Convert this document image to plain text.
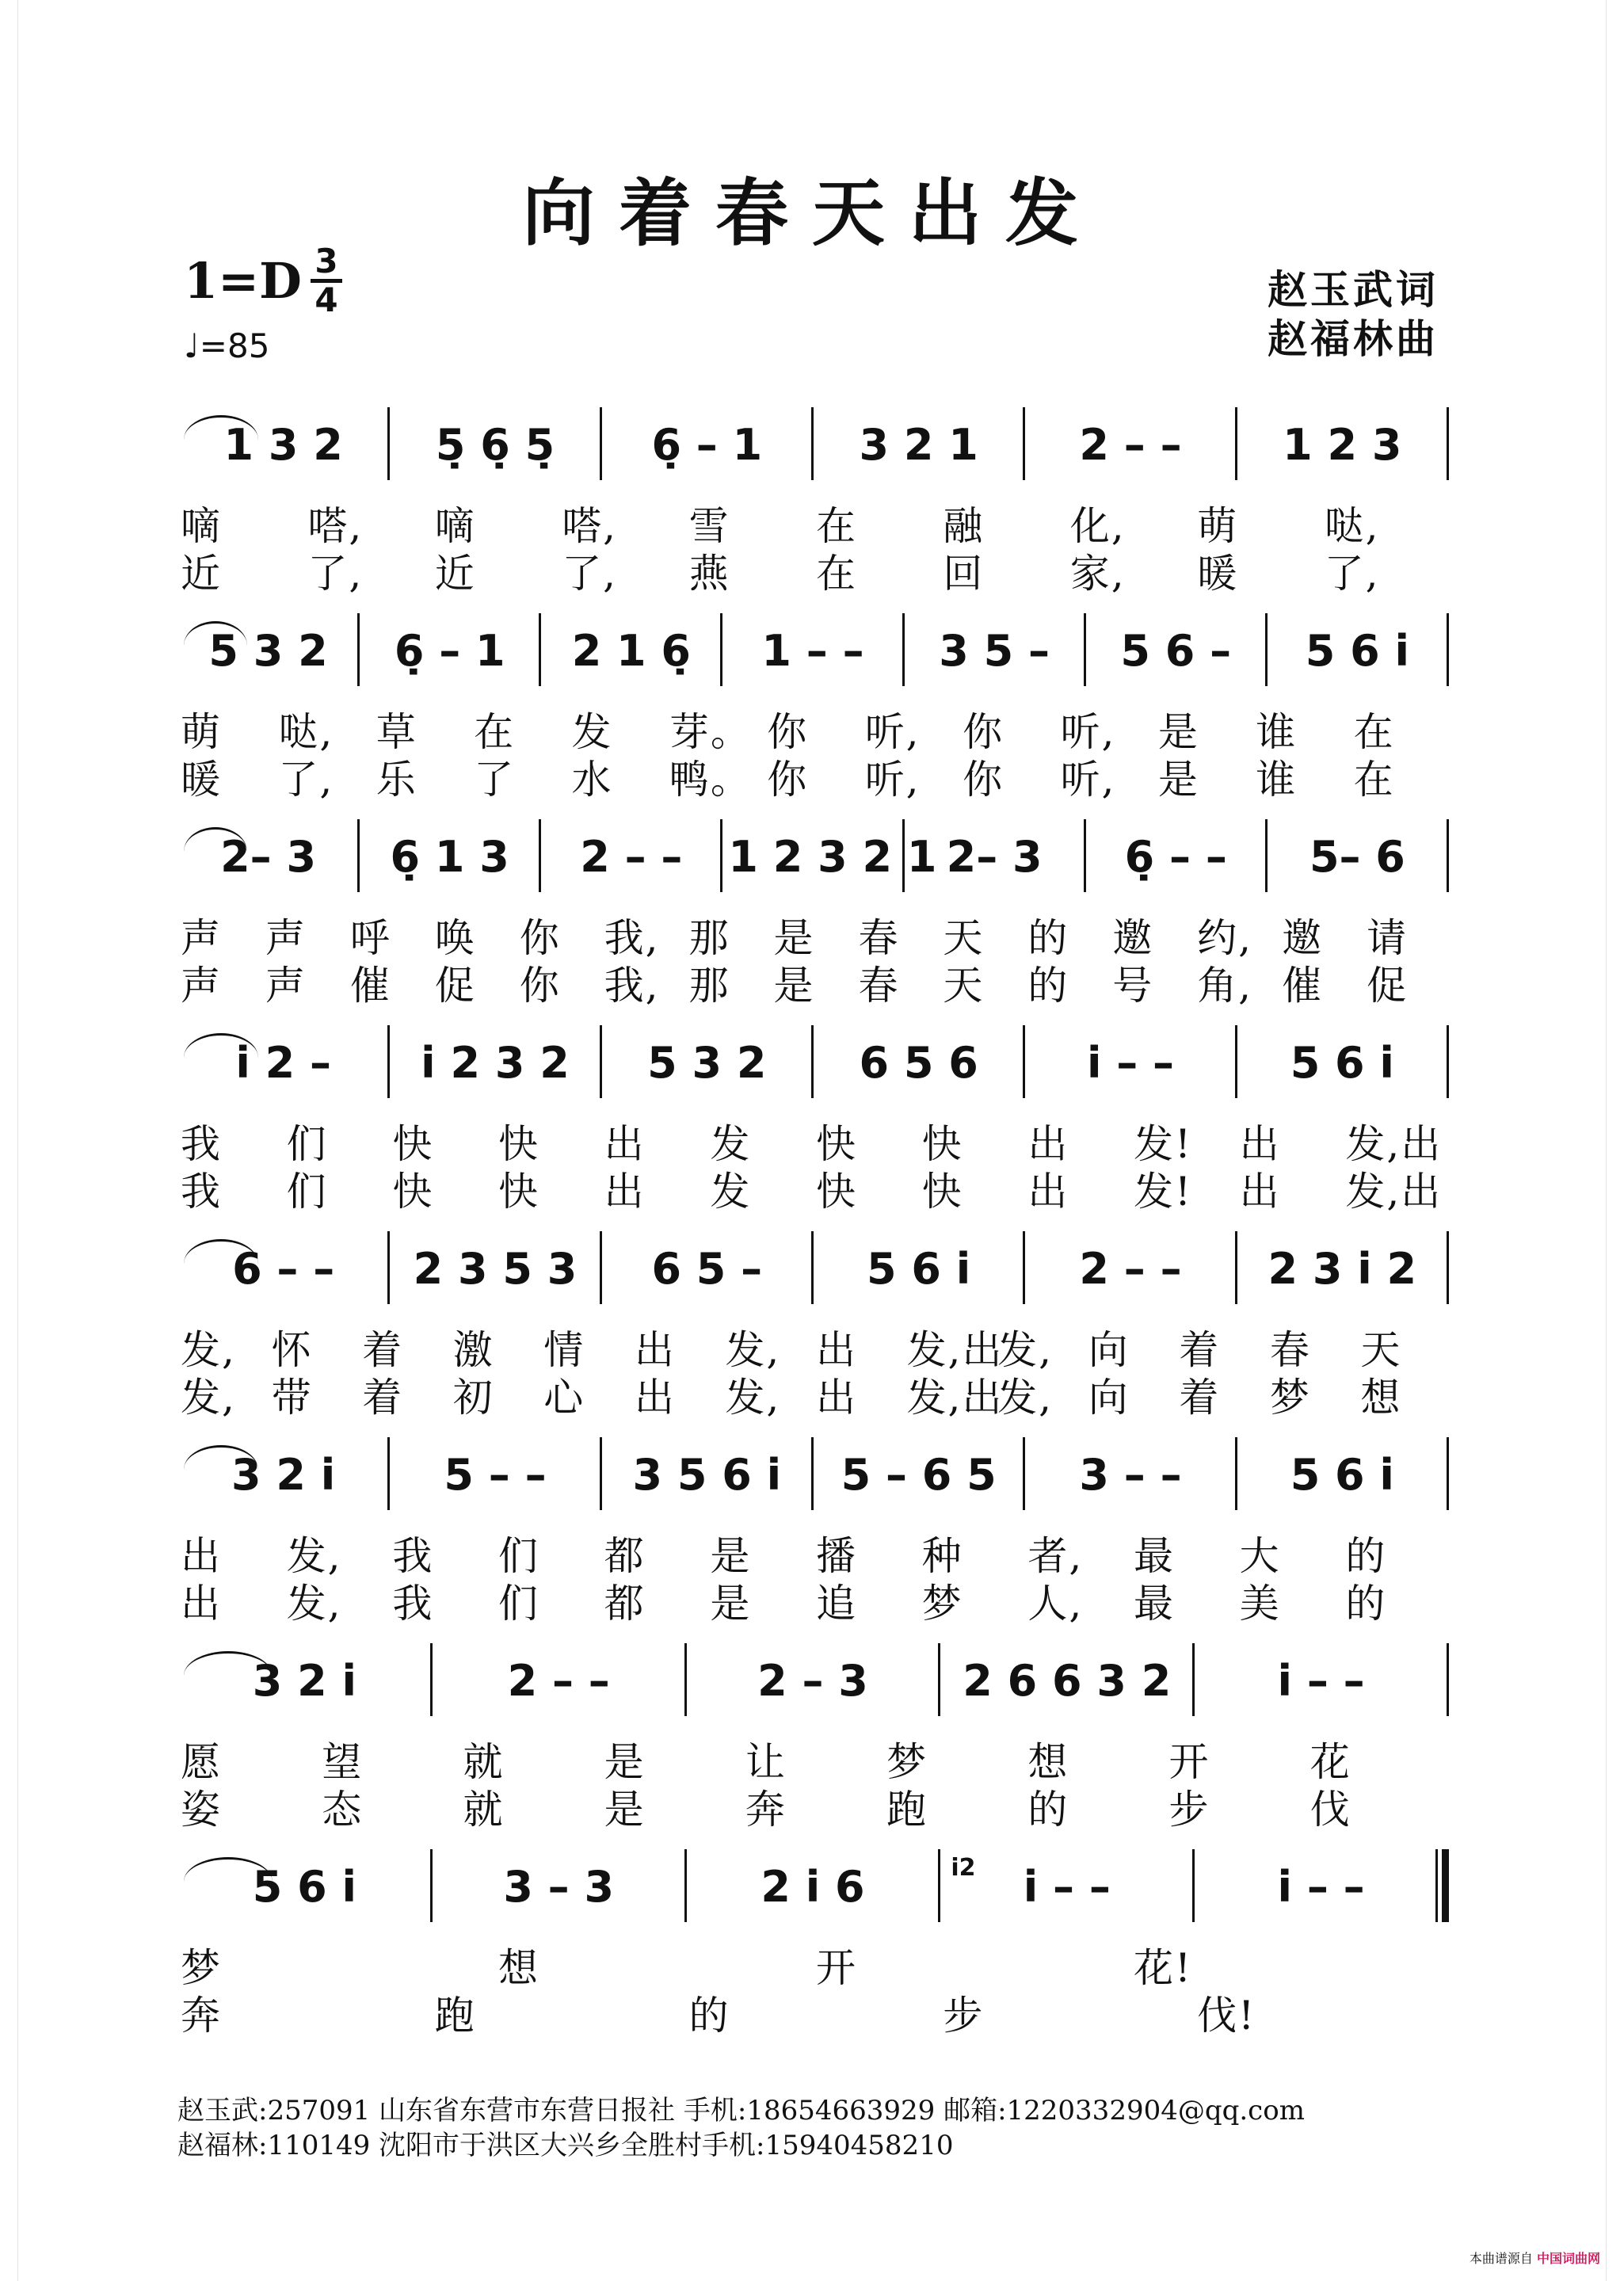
向着春天出发
1=D 3
4
♩=85
赵玉武词
赵福林曲
1 3 2	5̣ 6̣ 5̣	6̣ – 1	3 2 1	2 – –	1 2 3
嘀 嗒, 嘀 嗒, 雪 在 融 化, 萌 哒,
近 了, 近 了, 燕 在 回 家, 暖 了,
5 3 2	6̣ – 1	2 1 6̣	1 – –	3 5 –	5 6 –	5 6 i
萌 哒, 草 在 发 芽。 你 听, 你 听, 是 谁 在
暖 了, 乐 了 水 鸭。 你 听, 你 听, 是 谁 在
2– 3	6̣ 1 3	2 – –	1 2 3 2 1 2– 3	6̣ – –	5– 6
声 声 呼 唤 你 我, 那 是 春 天 的 邀 约, 邀 请
声 声 催 促 你 我, 那 是 春 天 的 号 角, 催 促
i 2 –	i 2 3 2	5 3 2	6 5 6	i – –	5 6 i
我 们 快 快 出 发 快 快 出 发! 出 发,出
我 们 快 快 出 发 快 快 出 发! 出 发,出
6 – –	2 3 5 3	6 5 –	5 6 i	2 – –	2 3 i 2
发, 怀 着 激 情 出 发, 出 发,出
发, 向 着 春 天
发, 带 着 初 心 出 发, 出 发,出
发, 向 着 梦 想
3 2 i	5 – –	3 5 6 i	5 – 6 5	3 – –	5 6 i
出 发, 我 们 都 是 播 种 者, 最 大 的
出 发, 我 们 都 是 追 梦 人, 最 美 的
3 2 i	2 – –	2 – 3	2 6 6 3 2	i – –
愿	望	就	是	让	梦	想	开	花
姿	态	就	是	奔	跑	的	步	伐
5 6 i	3 – 3	2 i 6	i – –	i – –
i2
梦	想	开	花!
奔	跑	的	步	伐!
赵玉武:257091 山东省东营市东营日报社 手机:18654663929 邮箱:1220332904@qq.com
赵福林:110149 沈阳市于洪区大兴乡全胜村手机:15940458210
本曲谱源自 中国词曲网
